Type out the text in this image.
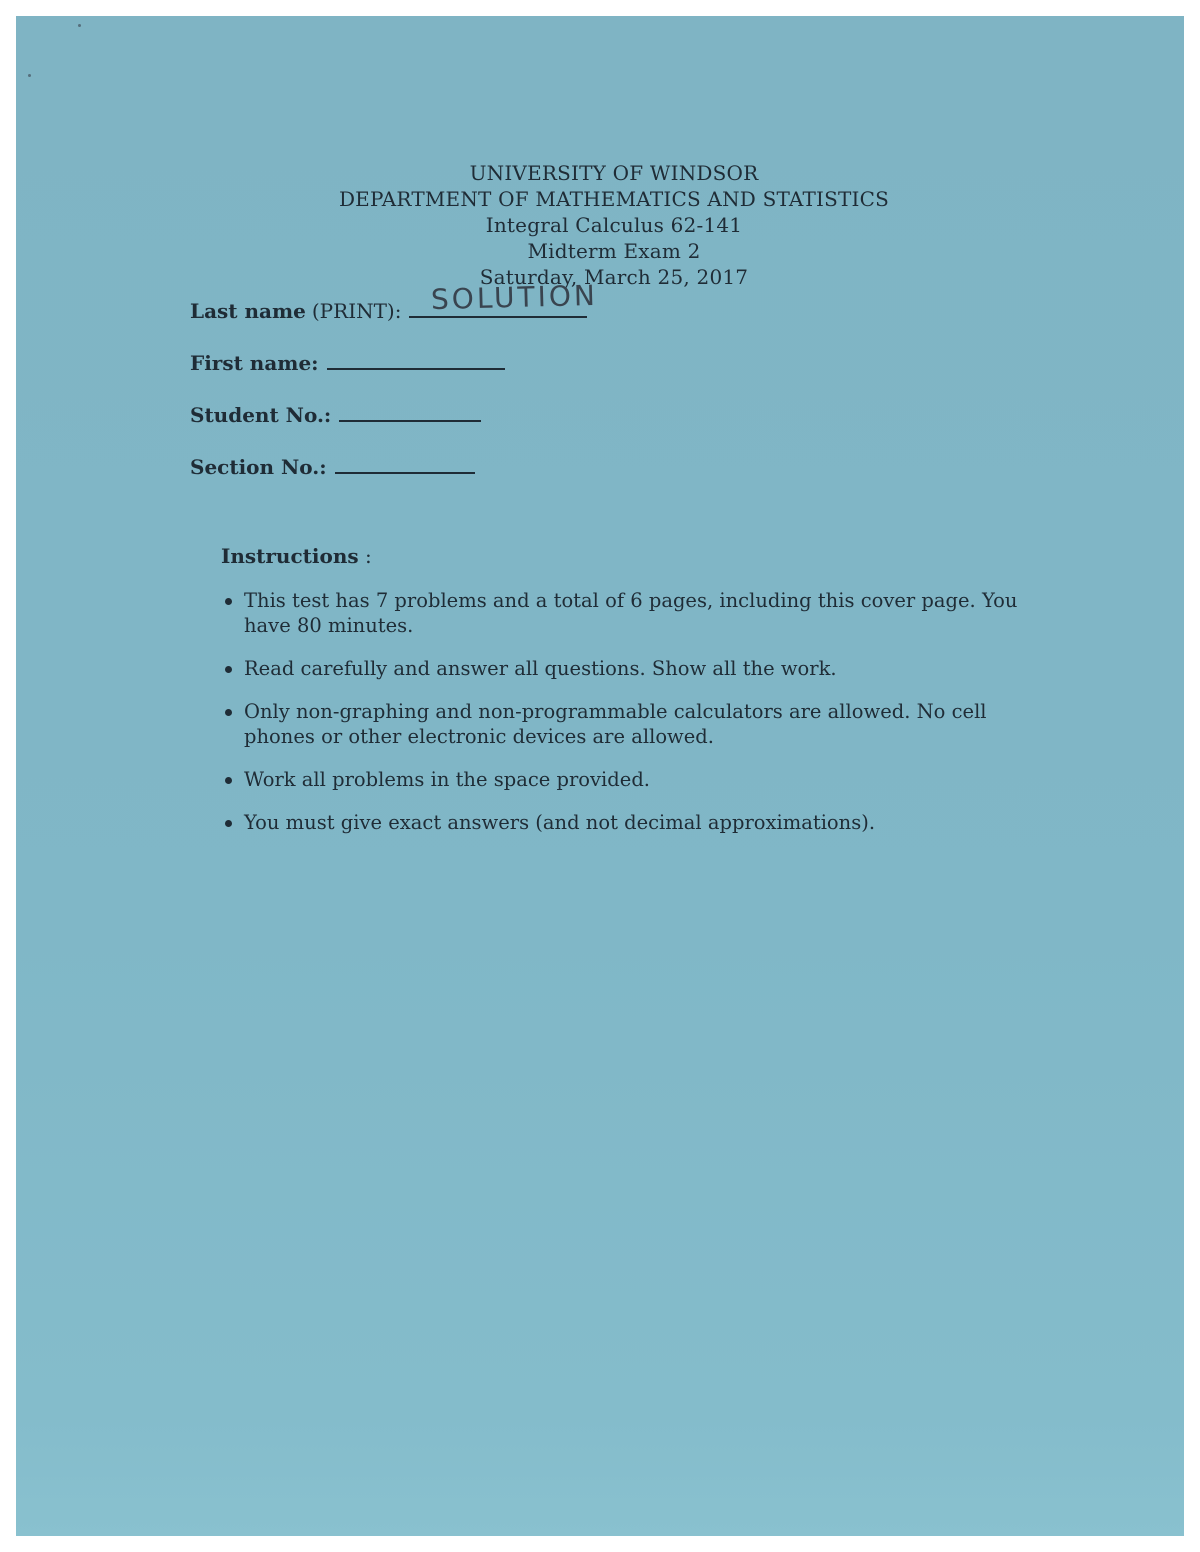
UNIVERSITY OF WINDSOR
DEPARTMENT OF MATHEMATICS AND STATISTICS
Integral Calculus 62-141
Midterm Exam 2
Saturday, March 25, 2017
Last name (PRINT): SOLUTION
First name:
Student No.:
Section No.:
Instructions :
This test has 7 problems and a total of 6 pages, including this cover page. You have 80 minutes.
Read carefully and answer all questions. Show all the work.
Only non-graphing and non-programmable calculators are allowed. No cell phones or other electronic devices are allowed.
Work all problems in the space provided.
You must give exact answers (and not decimal approximations).
